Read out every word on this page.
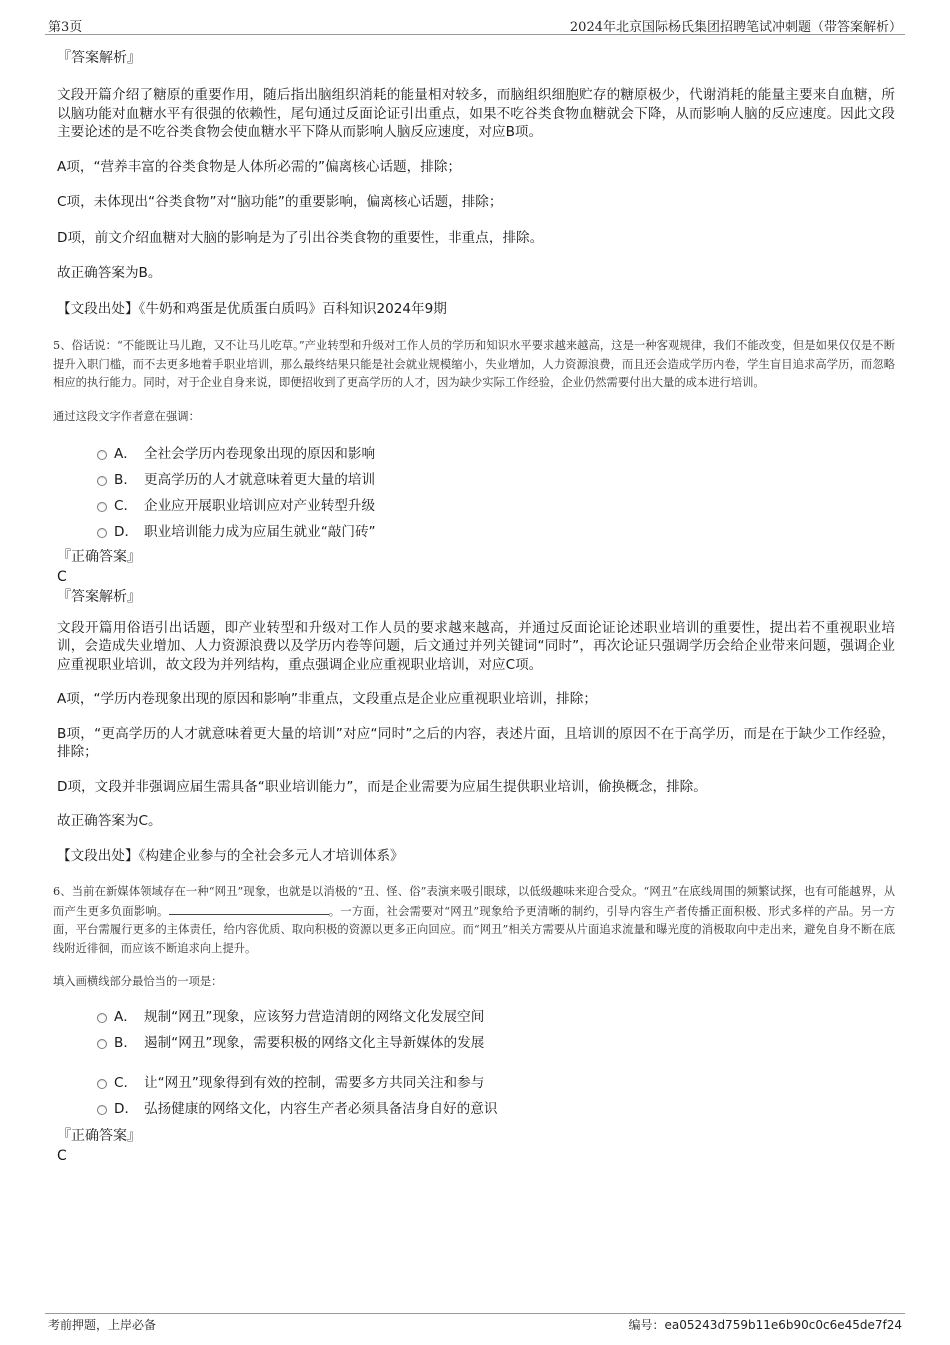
第3页	2024年北京国际杨氏集团招聘笔试冲刺题（带答案解析）

『答案解析』

文段开篇介绍了糖原的重要作用，随后指出脑组织消耗的能量相对较多，而脑组织细胞贮存的糖原极少，代谢消耗的能量主要来自血糖，所以脑功能对血糖水平有很强的依赖性，尾句通过反面论证引出重点，如果不吃谷类食物血糖就会下降，从而影响人脑的反应速度。因此文段主要论述的是不吃谷类食物会使血糖水平下降从而影响人脑反应速度，对应B项。

A项，“营养丰富的谷类食物是人体所必需的”偏离核心话题，排除；

C项，未体现出“谷类食物”对“脑功能”的重要影响，偏离核心话题，排除；

D项，前文介绍血糖对大脑的影响是为了引出谷类食物的重要性，非重点，排除。

故正确答案为B。

【文段出处】《牛奶和鸡蛋是优质蛋白质吗》百科知识2024年9期

5、俗话说：“不能既让马儿跑，又不让马儿吃草。”产业转型和升级对工作人员的学历和知识水平要求越来越高，这是一种客观规律，我们不能改变，但是如果仅仅是不断提升入职门槛，而不去更多地着手职业培训，那么最终结果只能是社会就业规模缩小，失业增加，人力资源浪费，而且还会造成学历内卷，学生盲目追求高学历，而忽略相应的执行能力。同时，对于企业自身来说，即便招收到了更高学历的人才，因为缺少实际工作经验，企业仍然需要付出大量的成本进行培训。

通过这段文字作者意在强调：

A． 全社会学历内卷现象出现的原因和影响
B． 更高学历的人才就意味着更大量的培训
C． 企业应开展职业培训应对产业转型升级
D． 职业培训能力成为应届生就业“敲门砖”

『正确答案』

C

『答案解析』

文段开篇用俗语引出话题，即产业转型和升级对工作人员的要求越来越高，并通过反面论证论述职业培训的重要性，提出若不重视职业培训，会造成失业增加、人力资源浪费以及学历内卷等问题，后文通过并列关键词“同时”，再次论证只强调学历会给企业带来问题，强调企业应重视职业培训，故文段为并列结构，重点强调企业应重视职业培训，对应C项。

A项，“学历内卷现象出现的原因和影响”非重点，文段重点是企业应重视职业培训，排除；

B项，“更高学历的人才就意味着更大量的培训”对应“同时”之后的内容，表述片面，且培训的原因不在于高学历，而是在于缺少工作经验，排除；

D项，文段并非强调应届生需具备“职业培训能力”，而是企业需要为应届生提供职业培训，偷换概念，排除。

故正确答案为C。

【文段出处】《构建企业参与的全社会多元人才培训体系》

6、当前在新媒体领域存在一种“网丑”现象，也就是以消极的“丑、怪、俗”表演来吸引眼球，以低级趣味来迎合受众。“网丑”在底线周围的频繁试探，也有可能越界，从而产生更多负面影响。	。一方面，社会需要对“网丑”现象给予更清晰的制约，引导内容生产者传播正面积极、形式多样的产品。另一方面，平台需履行更多的主体责任，给内容优质、取向积极的资源以更多正向回应。而“网丑”相关方需要从片面追求流量和曝光度的消极取向中走出来，避免自身不断在底线附近徘徊，而应该不断追求向上提升。

填入画横线部分最恰当的一项是：

A． 规制“网丑”现象，应该努力营造清朗的网络文化发展空间
B． 遏制“网丑”现象，需要积极的网络文化主导新媒体的发展
C． 让“网丑”现象得到有效的控制，需要多方共同关注和参与
D． 弘扬健康的网络文化，内容生产者必须具备洁身自好的意识

『正确答案』

C

考前押题，上岸必备	编号：ea05243d759b11e6b90c0c6e45de7f24
